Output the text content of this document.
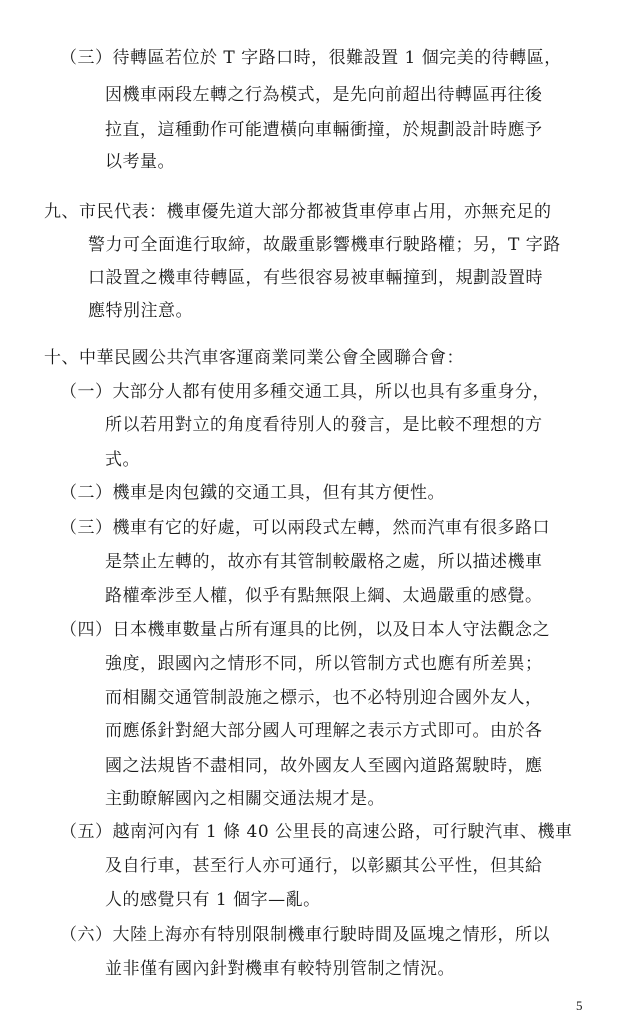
（三）待轉區若位於 T 字路口時，很難設置 1 個完美的待轉區，
因機車兩段左轉之行為模式，是先向前超出待轉區再往後
拉直，這種動作可能遭橫向車輛衝撞，於規劃設計時應予
以考量。
九、市民代表：機車優先道大部分都被貨車停車占用，亦無充足的
警力可全面進行取締，故嚴重影響機車行駛路權；另，T 字路
口設置之機車待轉區，有些很容易被車輛撞到，規劃設置時
應特別注意。
十、中華民國公共汽車客運商業同業公會全國聯合會：
（一）大部分人都有使用多種交通工具，所以也具有多重身分，
所以若用對立的角度看待別人的發言，是比較不理想的方
式。
（二）機車是肉包鐵的交通工具，但有其方便性。
（三）機車有它的好處，可以兩段式左轉，然而汽車有很多路口
是禁止左轉的，故亦有其管制較嚴格之處，所以描述機車
路權牽涉至人權，似乎有點無限上綱、太過嚴重的感覺。
（四）日本機車數量占所有運具的比例，以及日本人守法觀念之
強度，跟國內之情形不同，所以管制方式也應有所差異；
而相關交通管制設施之標示，也不必特別迎合國外友人，
而應係針對絕大部分國人可理解之表示方式即可。由於各
國之法規皆不盡相同，故外國友人至國內道路駕駛時，應
主動瞭解國內之相關交通法規才是。
（五）越南河內有 1 條 40 公里長的高速公路，可行駛汽車、機車
及自行車，甚至行人亦可通行，以彰顯其公平性，但其給
人的感覺只有 1 個字—亂。
（六）大陸上海亦有特別限制機車行駛時間及區塊之情形，所以
並非僅有國內針對機車有較特別管制之情況。
5
